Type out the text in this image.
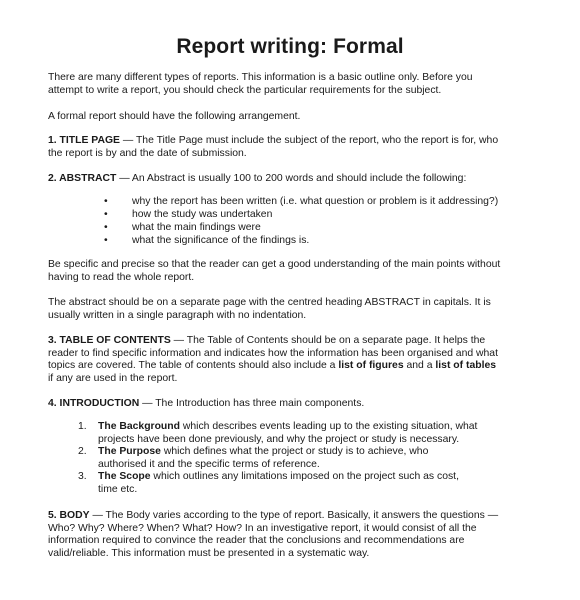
Report writing: Formal
There are many different types of reports. This information is a basic outline only. Before you
attempt to write a report, you should check the particular requirements for the subject.
A formal report should have the following arrangement.
1. TITLE PAGE — The Title Page must include the subject of the report, who the report is for, who
the report is by and the date of submission.
2. ABSTRACT — An Abstract is usually 100 to 200 words and should include the following:
• why the report has been written (i.e. what question or problem is it addressing?)
• how the study was undertaken
• what the main findings were
• what the significance of the findings is.
Be specific and precise so that the reader can get a good understanding of the main points without
having to read the whole report.
The abstract should be on a separate page with the centred heading ABSTRACT in capitals. It is
usually written in a single paragraph with no indentation.
3. TABLE OF CONTENTS — The Table of Contents should be on a separate page. It helps the
reader to find specific information and indicates how the information has been organised and what
topics are covered. The table of contents should also include a list of figures and a list of tables
if any are used in the report.
4. INTRODUCTION — The Introduction has three main components.
1. The Background which describes events leading up to the existing situation, what
projects have been done previously, and why the project or study is necessary.
2. The Purpose which defines what the project or study is to achieve, who
authorised it and the specific terms of reference.
3. The Scope which outlines any limitations imposed on the project such as cost,
time etc.
5. BODY — The Body varies according to the type of report. Basically, it answers the questions —
Who? Why? Where? When? What? How? In an investigative report, it would consist of all the
information required to convince the reader that the conclusions and recommendations are
valid/reliable. This information must be presented in a systematic way.
